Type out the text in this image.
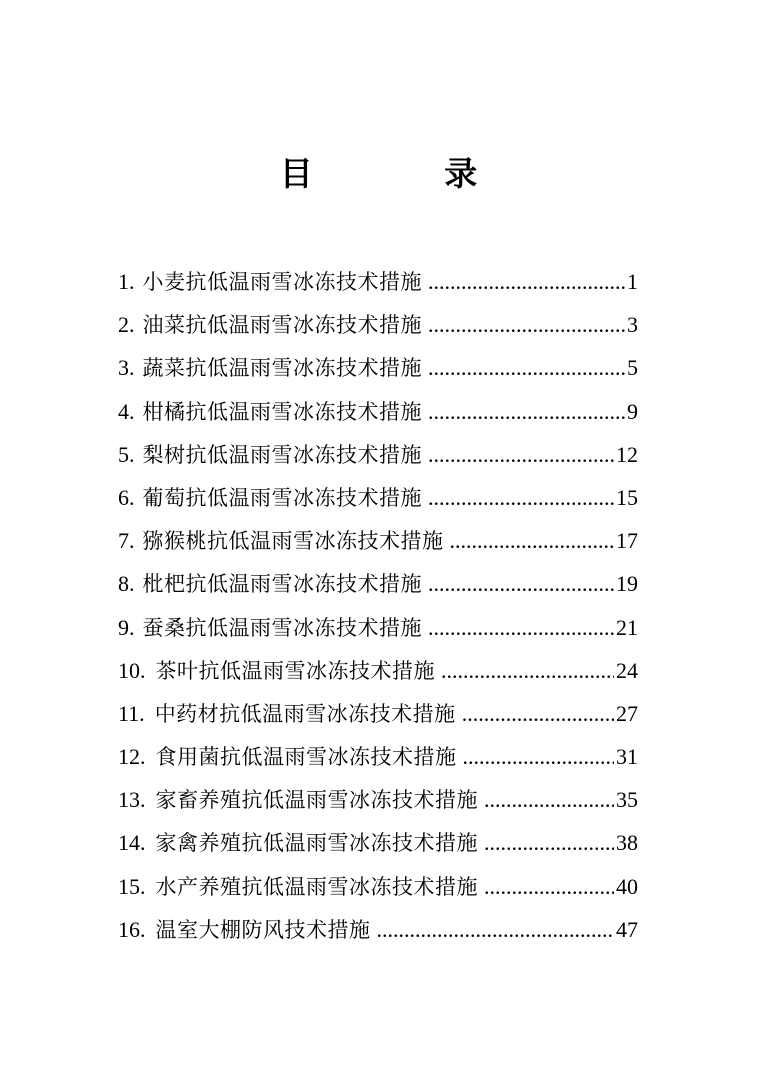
目 录
1. 小麦抗低温雨雪冰冻技术措施 .....	1
2. 油菜抗低温雨雪冰冻技术措施 .....	3
3. 蔬菜抗低温雨雪冰冻技术措施 .....	5
4. 柑橘抗低温雨雪冰冻技术措施 .....	9
5. 梨树抗低温雨雪冰冻技术措施 .....	12
6. 葡萄抗低温雨雪冰冻技术措施 .....	15
7. 猕猴桃抗低温雨雪冰冻技术措施 .....	17
8. 枇杷抗低温雨雪冰冻技术措施 .....	19
9. 蚕桑抗低温雨雪冰冻技术措施 .....	21
10. 茶叶抗低温雨雪冰冻技术措施 .....	24
11. 中药材抗低温雨雪冰冻技术措施 .....	27
12. 食用菌抗低温雨雪冰冻技术措施 .....	31
13. 家畜养殖抗低温雨雪冰冻技术措施 .....	35
14. 家禽养殖抗低温雨雪冰冻技术措施 .....	38
15. 水产养殖抗低温雨雪冰冻技术措施 .....	40
16. 温室大棚防风技术措施 .....	47
